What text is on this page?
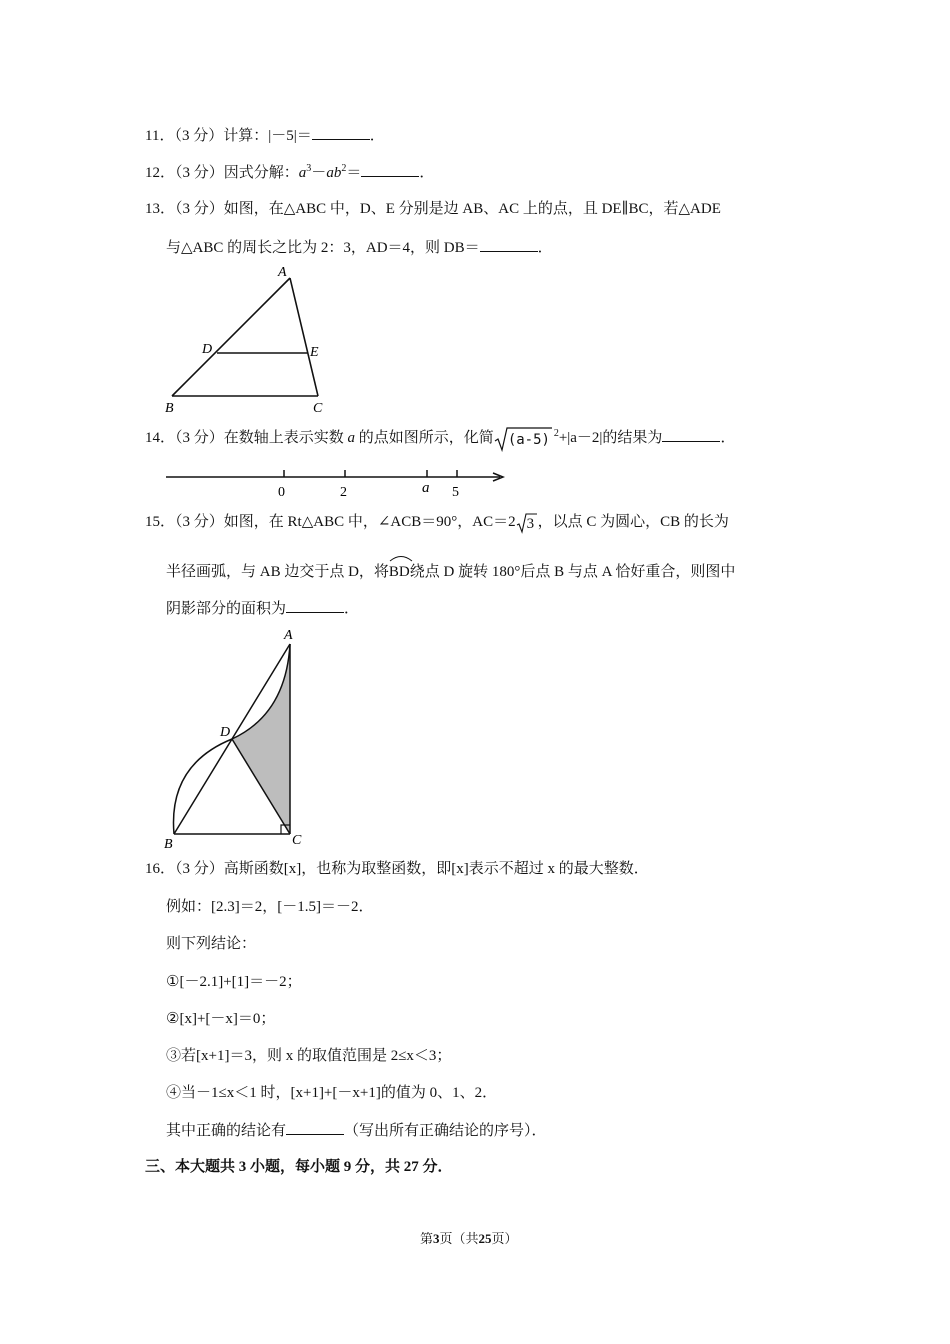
11．（3 分）计算：|－5|＝	．
12．（3 分）因式分解：$a^3-ab^2=$	．
13．（3 分）如图，在△ABC 中，D、E 分别是边 AB、AC 上的点，且 DE∥BC，若△ADE
与△ABC 的周长之比为 2：3，AD＝4，则 DB＝	．
A
D	E
B	C
14．（3 分）在数轴上表示实数 a 的点如图所示，化简 (a-5) $^2$+|a－2|的结果为	．
0	2	a 5
15．（3 分）如图，在 Rt△ABC 中，∠ACB＝90°，AC＝2 3 ，以点 C 为圆心，CB 的长为
半径画弧，与 AB 边交于点 D，将
BD绕点 D 旋转 180°后点 B 与点 A 恰好重合，则图中
阴影部分的面积为	．
A
D
B	C
16．（3 分）高斯函数[x]，也称为取整函数，即[x]表示不超过 x 的最大整数．
例如：[2.3]＝2，[－1.5]＝－2．
则下列结论：
①[－2.1]+[1]＝－2；
②[x]+[－x]＝0；
③若[x+1]＝3，则 x 的取值范围是 2≤x＜3；
④当－1≤x＜1 时，[x+1]+[－x+1]的值为 0、1、2．
其中正确的结论有	（写出所有正确结论的序号）．
三、本大题共 3 小题，每小题 9 分，共 27 分．
第3页（共25页）
